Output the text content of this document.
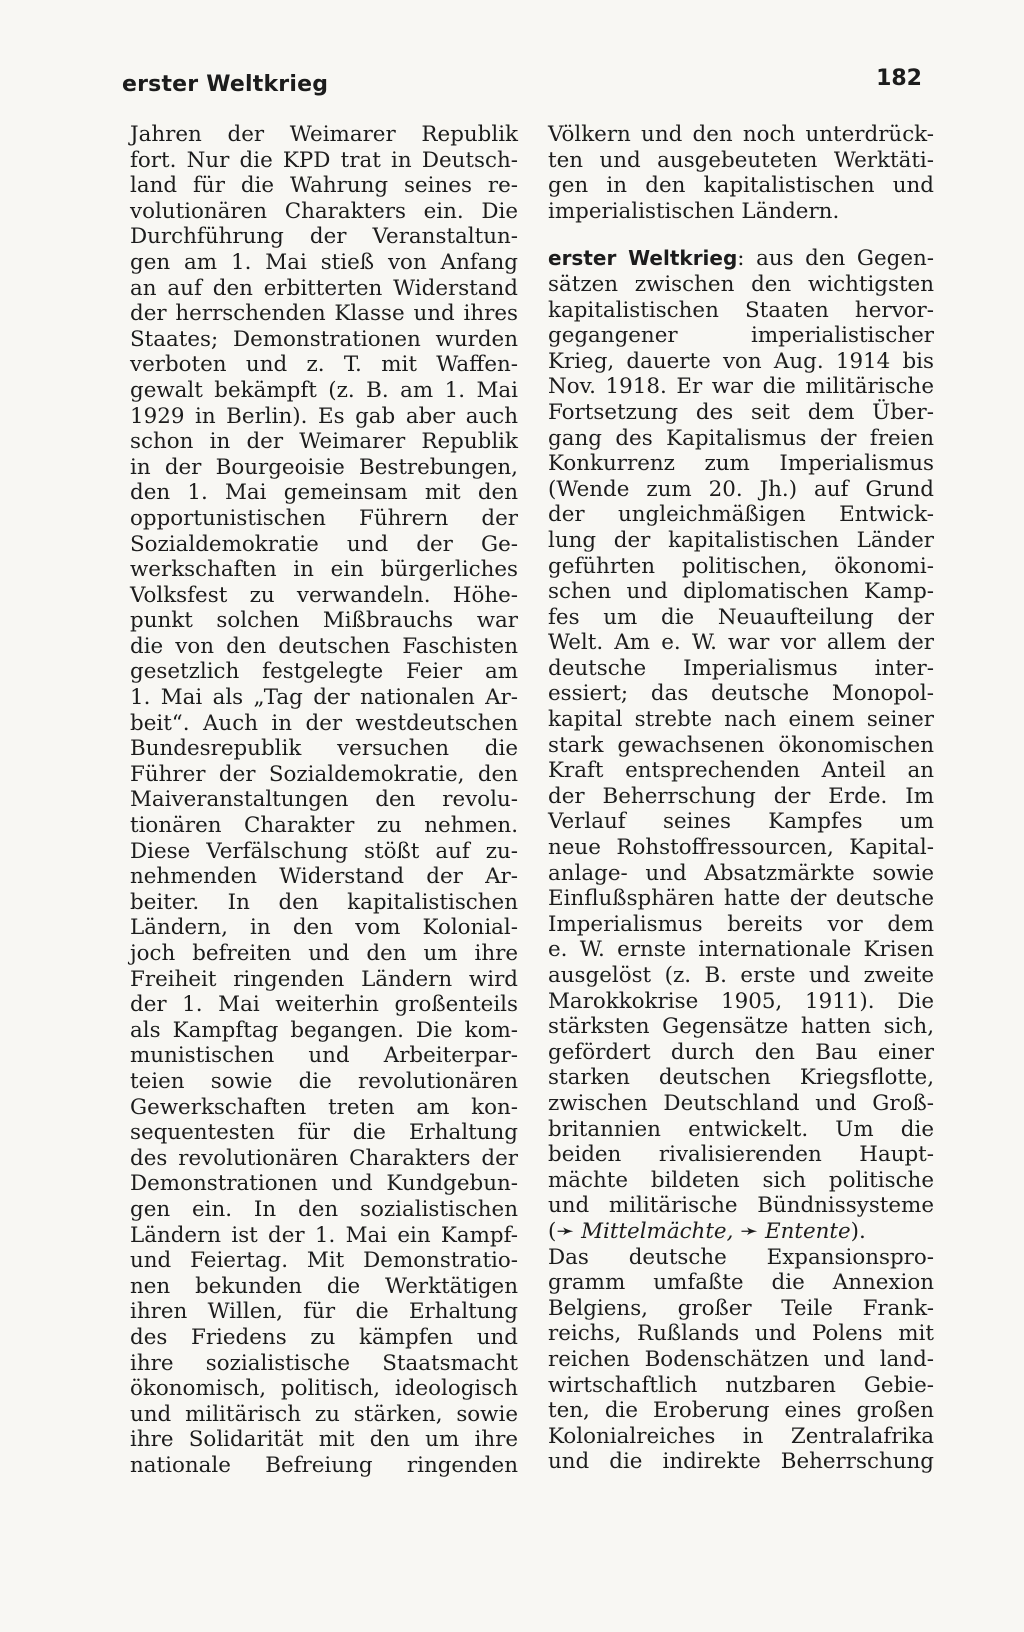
erster Weltkrieg	182
Jahren der Weimarer Republik
fort. Nur die KPD trat in Deutsch-
land für die Wahrung seines re-
volutionären Charakters ein. Die
Durchführung der Veranstaltun-
gen am 1. Mai stieß von Anfang
an auf den erbitterten Widerstand
der herrschenden Klasse und ihres
Staates; Demonstrationen wurden
verboten und z. T. mit Waffen-
gewalt bekämpft (z. B. am 1. Mai
1929 in Berlin). Es gab aber auch
schon in der Weimarer Republik
in der Bourgeoisie Bestrebungen,
den 1. Mai gemeinsam mit den
opportunistischen Führern der
Sozialdemokratie und der Ge-
werkschaften in ein bürgerliches
Volksfest zu verwandeln. Höhe-
punkt solchen Mißbrauchs war
die von den deutschen Faschisten
gesetzlich festgelegte Feier am
1. Mai als „Tag der nationalen Ar-
beit“. Auch in der westdeutschen
Bundesrepublik versuchen die
Führer der Sozialdemokratie, den
Maiveranstaltungen den revolu-
tionären Charakter zu nehmen.
Diese Verfälschung stößt auf zu-
nehmenden Widerstand der Ar-
beiter. In den kapitalistischen
Ländern, in den vom Kolonial-
joch befreiten und den um ihre
Freiheit ringenden Ländern wird
der 1. Mai weiterhin großenteils
als Kampftag begangen. Die kom-
munistischen und Arbeiterpar-
teien sowie die revolutionären
Gewerkschaften treten am kon-
sequentesten für die Erhaltung
des revolutionären Charakters der
Demonstrationen und Kundgebun-
gen ein. In den sozialistischen
Ländern ist der 1. Mai ein Kampf-
und Feiertag. Mit Demonstratio-
nen bekunden die Werktätigen
ihren Willen, für die Erhaltung
des Friedens zu kämpfen und
ihre sozialistische Staatsmacht
ökonomisch, politisch, ideologisch
und militärisch zu stärken, sowie
ihre Solidarität mit den um ihre
nationale Befreiung ringenden
Völkern und den noch unterdrück-
ten und ausgebeuteten Werktäti-
gen in den kapitalistischen und
imperialistischen Ländern.
erster Weltkrieg: aus den Gegen-
sätzen zwischen den wichtigsten
kapitalistischen Staaten hervor-
gegangener imperialistischer
Krieg, dauerte von Aug. 1914 bis
Nov. 1918. Er war die militärische
Fortsetzung des seit dem Über-
gang des Kapitalismus der freien
Konkurrenz zum Imperialismus
(Wende zum 20. Jh.) auf Grund
der ungleichmäßigen Entwick-
lung der kapitalistischen Länder
geführten politischen, ökonomi-
schen und diplomatischen Kamp-
fes um die Neuaufteilung der
Welt. Am e. W. war vor allem der
deutsche Imperialismus inter-
essiert; das deutsche Monopol-
kapital strebte nach einem seiner
stark gewachsenen ökonomischen
Kraft entsprechenden Anteil an
der Beherrschung der Erde. Im
Verlauf seines Kampfes um
neue Rohstoffressourcen, Kapital-
anlage- und Absatzmärkte sowie
Einflußsphären hatte der deutsche
Imperialismus bereits vor dem
e. W. ernste internationale Krisen
ausgelöst (z. B. erste und zweite
Marokkokrise 1905, 1911). Die
stärksten Gegensätze hatten sich,
gefördert durch den Bau einer
starken deutschen Kriegsflotte,
zwischen Deutschland und Groß-
britannien entwickelt. Um die
beiden rivalisierenden Haupt-
mächte bildeten sich politische
und militärische Bündnissysteme
(➛ Mittelmächte, ➛ Entente).
Das deutsche Expansionspro-
gramm umfaßte die Annexion
Belgiens, großer Teile Frank-
reichs, Rußlands und Polens mit
reichen Bodenschätzen und land-
wirtschaftlich nutzbaren Gebie-
ten, die Eroberung eines großen
Kolonialreiches in Zentralafrika
und die indirekte Beherrschung
